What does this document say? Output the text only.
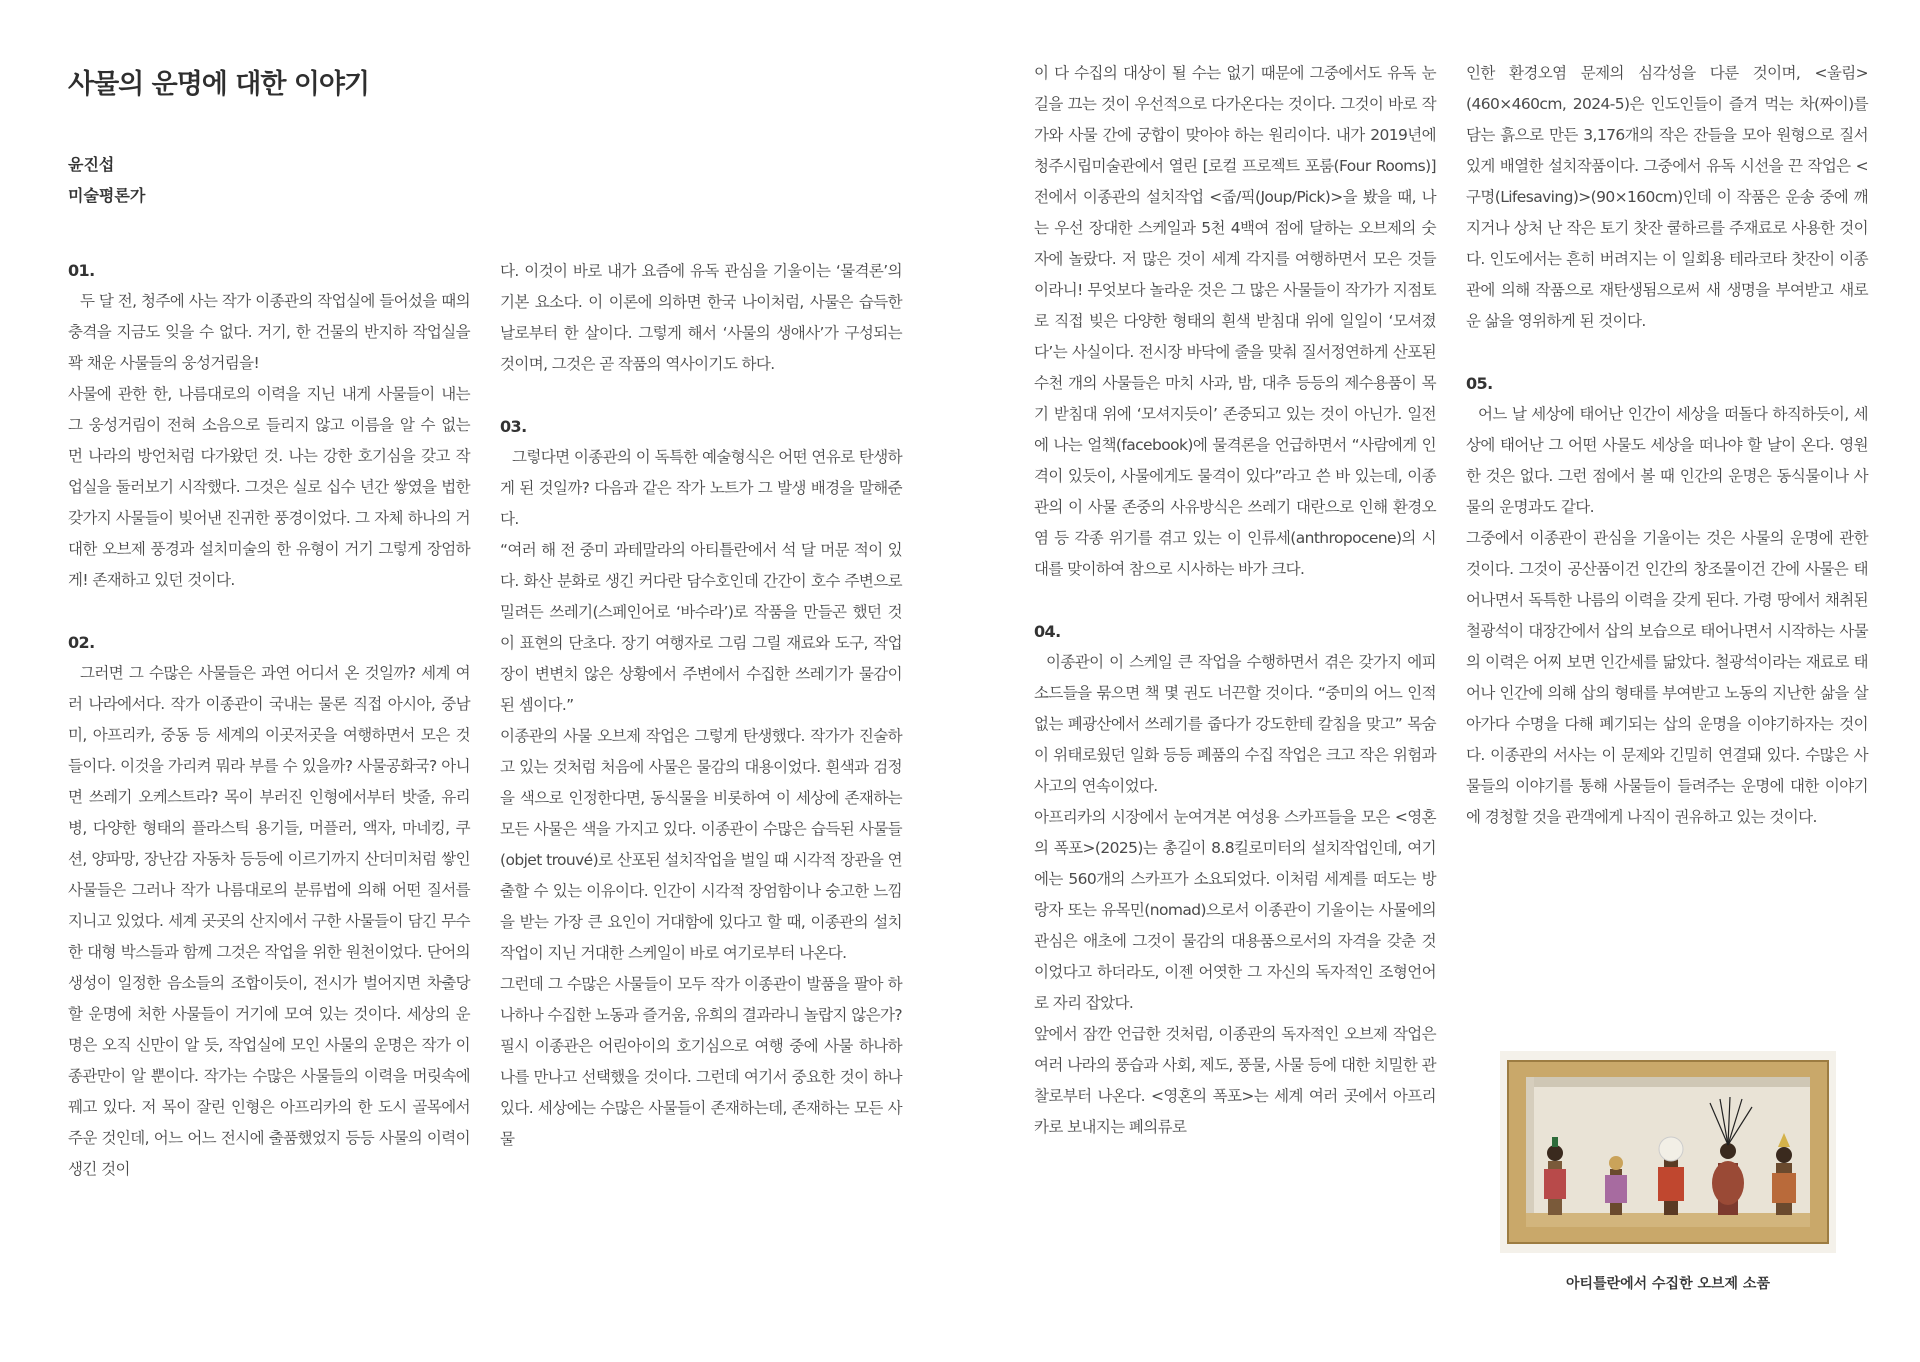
사물의 운명에 대한 이야기
윤진섭
미술평론가

01.

두 달 전, 청주에 사는 작가 이종관의 작업실에 들어섰을 때의 충격을 지금도 잊을 수 없다. 거기, 한 건물의 반지하 작업실을 꽉 채운 사물들의 웅성거림을!

사물에 관한 한, 나름대로의 이력을 지닌 내게 사물들이 내는 그 웅성거림이 전혀 소음으로 들리지 않고 이름을 알 수 없는 먼 나라의 방언처럼 다가왔던 것. 나는 강한 호기심을 갖고 작업실을 둘러보기 시작했다. 그것은 실로 십수 년간 쌓였을 법한 갖가지 사물들이 빚어낸 진귀한 풍경이었다. 그 자체 하나의 거대한 오브제 풍경과 설치미술의 한 유형이 거기 그렇게 장엄하게! 존재하고 있던 것이다.

02.

그러면 그 수많은 사물들은 과연 어디서 온 것일까? 세계 여러 나라에서다. 작가 이종관이 국내는 물론 직접 아시아, 중남미, 아프리카, 중동 등 세계의 이곳저곳을 여행하면서 모은 것들이다. 이것을 가리켜 뭐라 부를 수 있을까? 사물공화국? 아니면 쓰레기 오케스트라? 목이 부러진 인형에서부터 밧줄, 유리병, 다양한 형태의 플라스틱 용기들, 머플러, 액자, 마네킹, 쿠션, 양파망, 장난감 자동차 등등에 이르기까지 산더미처럼 쌓인 사물들은 그러나 작가 나름대로의 분류법에 의해 어떤 질서를 지니고 있었다. 세계 곳곳의 산지에서 구한 사물들이 담긴 무수한 대형 박스들과 함께 그것은 작업을 위한 원천이었다. 단어의 생성이 일정한 음소들의 조합이듯이, 전시가 벌어지면 차출당할 운명에 처한 사물들이 거기에 모여 있는 것이다. 세상의 운명은 오직 신만이 알 듯, 작업실에 모인 사물의 운명은 작가 이종관만이 알 뿐이다. 작가는 수많은 사물들의 이력을 머릿속에 꿰고 있다. 저 목이 잘린 인형은 아프리카의 한 도시 골목에서 주운 것인데, 어느 어느 전시에 출품했었지 등등 사물의 이력이 생긴 것이

다. 이것이 바로 내가 요즘에 유독 관심을 기울이는 ‘물격론’의 기본 요소다. 이 이론에 의하면 한국 나이처럼, 사물은 습득한 날로부터 한 살이다. 그렇게 해서 ‘사물의 생애사’가 구성되는 것이며, 그것은 곧 작품의 역사이기도 하다.

03.

그렇다면 이종관의 이 독특한 예술형식은 어떤 연유로 탄생하게 된 것일까? 다음과 같은 작가 노트가 그 발생 배경을 말해준다.

“여러 해 전 중미 과테말라의 아티틀란에서 석 달 머문 적이 있다. 화산 분화로 생긴 커다란 담수호인데 간간이 호수 주변으로 밀려든 쓰레기(스페인어로 ‘바수라’)로 작품을 만들곤 했던 것이 표현의 단초다. 장기 여행자로 그림 그릴 재료와 도구, 작업장이 변변치 않은 상황에서 주변에서 수집한 쓰레기가 물감이 된 셈이다.”

이종관의 사물 오브제 작업은 그렇게 탄생했다. 작가가 진술하고 있는 것처럼 처음에 사물은 물감의 대용이었다. 흰색과 검정을 색으로 인정한다면, 동식물을 비롯하여 이 세상에 존재하는 모든 사물은 색을 가지고 있다. 이종관이 수많은 습득된 사물들(objet trouvé)로 산포된 설치작업을 벌일 때 시각적 장관을 연출할 수 있는 이유이다. 인간이 시각적 장엄함이나 숭고한 느낌을 받는 가장 큰 요인이 거대함에 있다고 할 때, 이종관의 설치작업이 지닌 거대한 스케일이 바로 여기로부터 나온다.

그런데 그 수많은 사물들이 모두 작가 이종관이 발품을 팔아 하나하나 수집한 노동과 즐거움, 유희의 결과라니 놀랍지 않은가? 필시 이종관은 어린아이의 호기심으로 여행 중에 사물 하나하나를 만나고 선택했을 것이다. 그런데 여기서 중요한 것이 하나 있다. 세상에는 수많은 사물들이 존재하는데, 존재하는 모든 사물

이 다 수집의 대상이 될 수는 없기 때문에 그중에서도 유독 눈길을 끄는 것이 우선적으로 다가온다는 것이다. 그것이 바로 작가와 사물 간에 궁합이 맞아야 하는 원리이다. 내가 2019년에 청주시립미술관에서 열린 [로컬 프로젝트 포룸(Four Rooms)]전에서 이종관의 설치작업 <줍/픽(Joup/Pick)>을 봤을 때, 나는 우선 장대한 스케일과 5천 4백여 점에 달하는 오브제의 숫자에 놀랐다. 저 많은 것이 세계 각지를 여행하면서 모은 것들이라니! 무엇보다 놀라운 것은 그 많은 사물들이 작가가 지점토로 직접 빚은 다양한 형태의 흰색 받침대 위에 일일이 ‘모셔졌다’는 사실이다. 전시장 바닥에 줄을 맞춰 질서정연하게 산포된 수천 개의 사물들은 마치 사과, 밤, 대추 등등의 제수용품이 목기 받침대 위에 ‘모셔지듯이’ 존중되고 있는 것이 아닌가. 일전에 나는 얼책(facebook)에 물격론을 언급하면서 “사람에게 인격이 있듯이, 사물에게도 물격이 있다”라고 쓴 바 있는데, 이종관의 이 사물 존중의 사유방식은 쓰레기 대란으로 인해 환경오염 등 각종 위기를 겪고 있는 이 인류세(anthropocene)의 시대를 맞이하여 참으로 시사하는 바가 크다.

04.

이종관이 이 스케일 큰 작업을 수행하면서 겪은 갖가지 에피소드들을 묶으면 책 몇 권도 너끈할 것이다. “중미의 어느 인적 없는 폐광산에서 쓰레기를 줍다가 강도한테 칼침을 맞고” 목숨이 위태로웠던 일화 등등 폐품의 수집 작업은 크고 작은 위험과 사고의 연속이었다.

아프리카의 시장에서 눈여겨본 여성용 스카프들을 모은 <영혼의 폭포>(2025)는 총길이 8.8킬로미터의 설치작업인데, 여기에는 560개의 스카프가 소요되었다. 이처럼 세계를 떠도는 방랑자 또는 유목민(nomad)으로서 이종관이 기울이는 사물에의 관심은 애초에 그것이 물감의 대용품으로서의 자격을 갖춘 것이었다고 하더라도, 이젠 어엿한 그 자신의 독자적인 조형언어로 자리 잡았다.

앞에서 잠깐 언급한 것처럼, 이종관의 독자적인 오브제 작업은 여러 나라의 풍습과 사회, 제도, 풍물, 사물 등에 대한 치밀한 관찰로부터 나온다. <영혼의 폭포>는 세계 여러 곳에서 아프리카로 보내지는 폐의류로

인한 환경오염 문제의 심각성을 다룬 것이며, <울림>(460×460cm, 2024-5)은 인도인들이 즐겨 먹는 차(짜이)를 담는 흙으로 만든 3,176개의 작은 잔들을 모아 원형으로 질서 있게 배열한 설치작품이다. 그중에서 유독 시선을 끈 작업은 <구명(Lifesaving)>(90×160cm)인데 이 작품은 운송 중에 깨지거나 상처 난 작은 토기 찻잔 쿨하르를 주재료로 사용한 것이다. 인도에서는 흔히 버려지는 이 일회용 테라코타 찻잔이 이종관에 의해 작품으로 재탄생됨으로써 새 생명을 부여받고 새로운 삶을 영위하게 된 것이다.

05.

어느 날 세상에 태어난 인간이 세상을 떠돌다 하직하듯이, 세상에 태어난 그 어떤 사물도 세상을 떠나야 할 날이 온다. 영원한 것은 없다. 그런 점에서 볼 때 인간의 운명은 동식물이나 사물의 운명과도 같다.

그중에서 이종관이 관심을 기울이는 것은 사물의 운명에 관한 것이다. 그것이 공산품이건 인간의 창조물이건 간에 사물은 태어나면서 독특한 나름의 이력을 갖게 된다. 가령 땅에서 채취된 철광석이 대장간에서 삽의 보습으로 태어나면서 시작하는 사물의 이력은 어찌 보면 인간세를 닮았다. 철광석이라는 재료로 태어나 인간에 의해 삽의 형태를 부여받고 노동의 지난한 삶을 살아가다 수명을 다해 폐기되는 삽의 운명을 이야기하자는 것이다. 이종관의 서사는 이 문제와 긴밀히 연결돼 있다. 수많은 사물들의 이야기를 통해 사물들이 들려주는 운명에 대한 이야기에 경청할 것을 관객에게 나직이 권유하고 있는 것이다.

아티틀란에서 수집한 오브제 소품
